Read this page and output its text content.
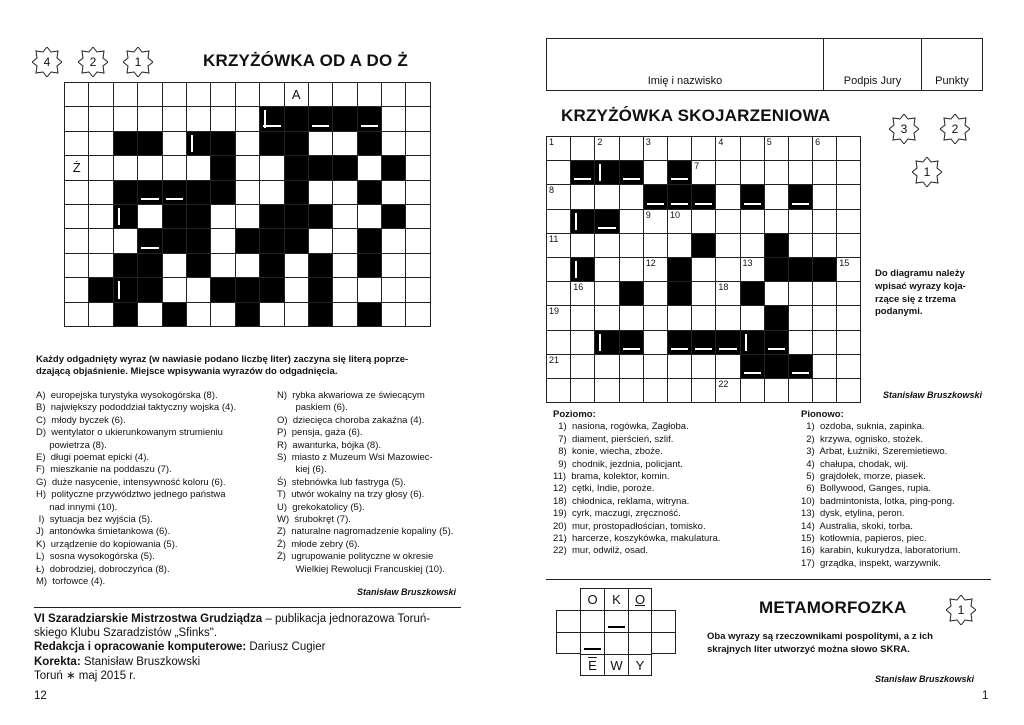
4	2	1	KRZYŻÓWKA OD A DO Ż
A
Ż
Każdy odgadnięty wyraz (w nawiasie podano liczbę liter) zaczyna się literą poprze-
dzającą objaśnienie. Miejsce wpisywania wyrazów do odgadnięcia.
A)  europejska turystyka wysokogórska (8).
B)  największy pododdział taktyczny wojska (4).
C)  młody byczek (6).
D)  wentylator o ukierunkowanym strumieniu
powietrza (8).
E)  długi poemat epicki (4).
F)  mieszkanie na poddaszu (7).
G)  duże nasycenie, intensywność koloru (6).
H)  polityczne przywództwo jednego państwa
nad innymi (10).
I)  sytuacja bez wyjścia (5).
J)  antonówka śmietankowa (6).
K)  urządzenie do kopiowania (5).
L)  sosna wysokogórska (5).
Ł)  dobrodziej, dobroczyńca (8).
M)  torfowce (4).
N)  rybka akwariowa ze świecącym
paskiem (6).
O)  dziecięca choroba zakaźna (4).
P)  pensja, gaża (6).
R)  awanturka, bójka (8).
S)  miasto z Muzeum Wsi Mazowiec-
kiej (6).
Ś)  stebnówka lub fastryga (5).
T)  utwór wokalny na trzy głosy (6).
U)  grekokatolicy (5).
W)  śrubokręt (7).
Z)  naturalne nagromadzenie kopaliny (5).
Ź)  młode zebry (6).
Ż)  ugrupowanie polityczne w okresie
Wielkiej Rewolucji Francuskiej (10).
Stanisław Bruszkowski
VI Szaradziarskie Mistrzostwa Grudziądza – publikacja jednorazowa Toruń-
skiego Klubu Szaradzistów „Sfinks".
Redakcja i opracowanie komputerowe: Dariusz Cugier
Korekta: Stanisław Bruszkowski
Toruń ∗ maj 2015 r.
12
Imię i nazwisko	Podpis Jury	Punkty
KRZYŻÓWKA SKOJARZENIOWA
3	2
1
1	2	3	4	5	6
7
8
9 10
11
12	13	15
16	18
19
21
22
Do diagramu należy
wpisać wyrazy koja-
rzące się z trzema
podanymi.
Stanisław Bruszkowski
Poziomo:
1)  nasiona, rogówka, Zagłoba.
7)  diament, pierścień, szlif.
8)  konie, wiecha, zboże.
9)  chodnik, jezdnia, policjant.
11)  brama, kolektor, komin.
12)  cętki, Indie, poroże.
18)  chłodnica, reklama, witryna.
19)  cyrk, maczugi, zręczność.
20)  mur, prostopadłościan, tomisko.
21)  harcerze, koszykówka, makulatura.
22)  mur, odwilż, osad.
Pionowo:
1)  ozdoba, suknia, zapinka.
2)  krzywa, ognisko, stożek.
3)  Arbat, Łużniki, Szeremietiewo.
4)  chałupa, chodak, wij.
5)  grajdołek, morze, piasek.
6)  Bollywood, Ganges, rupia.
10)  badmintonista, lotka, ping-pong.
13)  dysk, etylina, peron.
14)  Australia, skoki, torba.
15)  kotłownia, papieros, piec.
16)  karabin, kukurydza, laboratorium.
17)  grządka, inspekt, warzywnik.
O	K	O
$\overline{E}$	W	Y
METAMORFOZKA	1
Oba wyrazy są rzeczownikami pospolitymi, a z ich
skrajnych liter utworzyć można słowo SKRA.
Stanisław Bruszkowski
1
